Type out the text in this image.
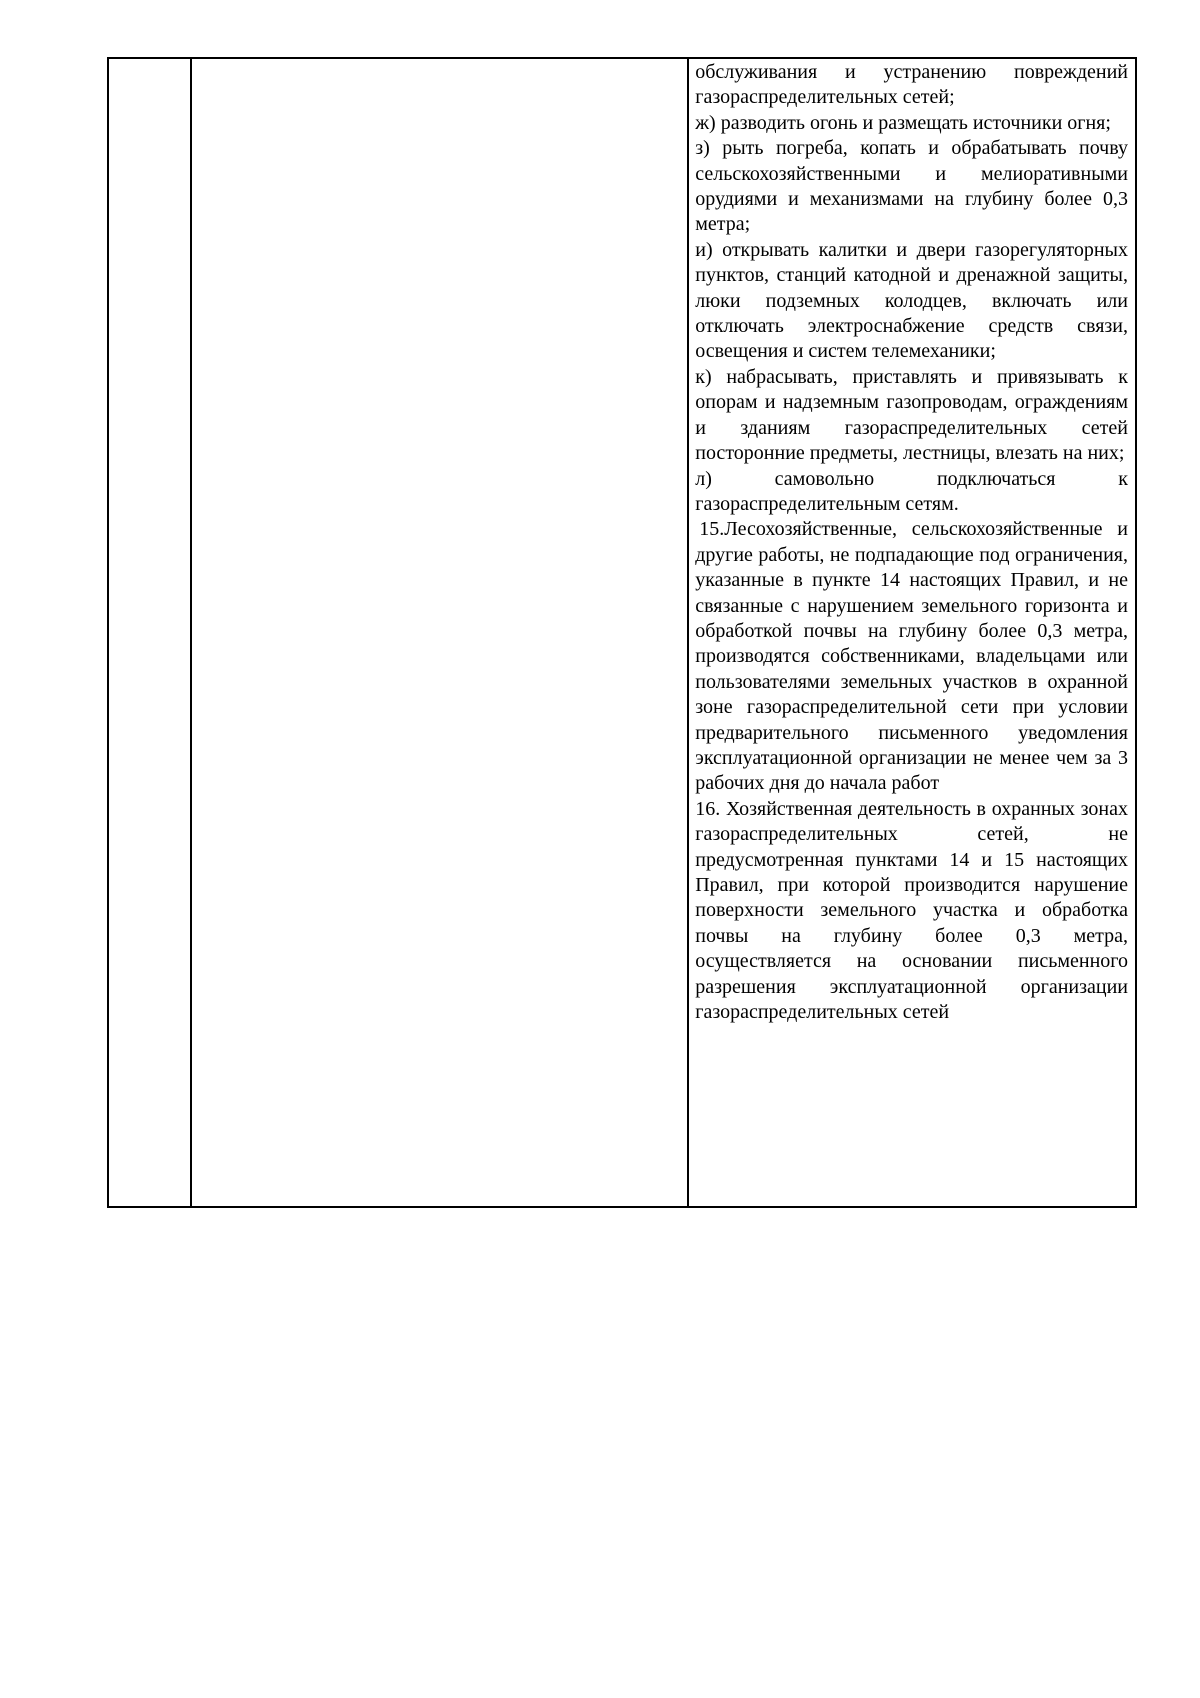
обслуживания и устранению повреждений газораспределительных сетей;

ж) разводить огонь и размещать источники огня;

з) рыть погреба, копать и обрабатывать почву сельскохозяйственными и мелиоративными орудиями и механизмами на глубину более 0,3 метра;

и) открывать калитки и двери газорегуляторных пунктов, станций катодной и дренажной защиты, люки подземных колодцев, включать или отключать электроснабжение средств связи, освещения и систем телемеханики;

к) набрасывать, приставлять и привязывать к опорам и надземным газопроводам, ограждениям и зданиям газораспределительных сетей посторонние предметы, лестницы, влезать на них;

л) самовольно подключаться к газораспределительным сетям.

15.Лесохозяйственные, сельскохозяйственные и другие работы, не подпадающие под ограничения, указанные в пункте 14 настоящих Правил, и не связанные с нарушением земельного горизонта и обработкой почвы на глубину более 0,3 метра, производятся собственниками, владельцами или пользователями земельных участков в охранной зоне газораспределительной сети при условии предварительного письменного уведомления эксплуатационной организации не менее чем за 3 рабочих дня до начала работ

16. Хозяйственная деятельность в охранных зонах газораспределительных сетей, не предусмотренная пунктами 14 и 15 настоящих Правил, при которой производится нарушение поверхности земельного участка и обработка почвы на глубину более 0,3 метра, осуществляется на основании письменного разрешения эксплуатационной организации газораспределительных сетей
